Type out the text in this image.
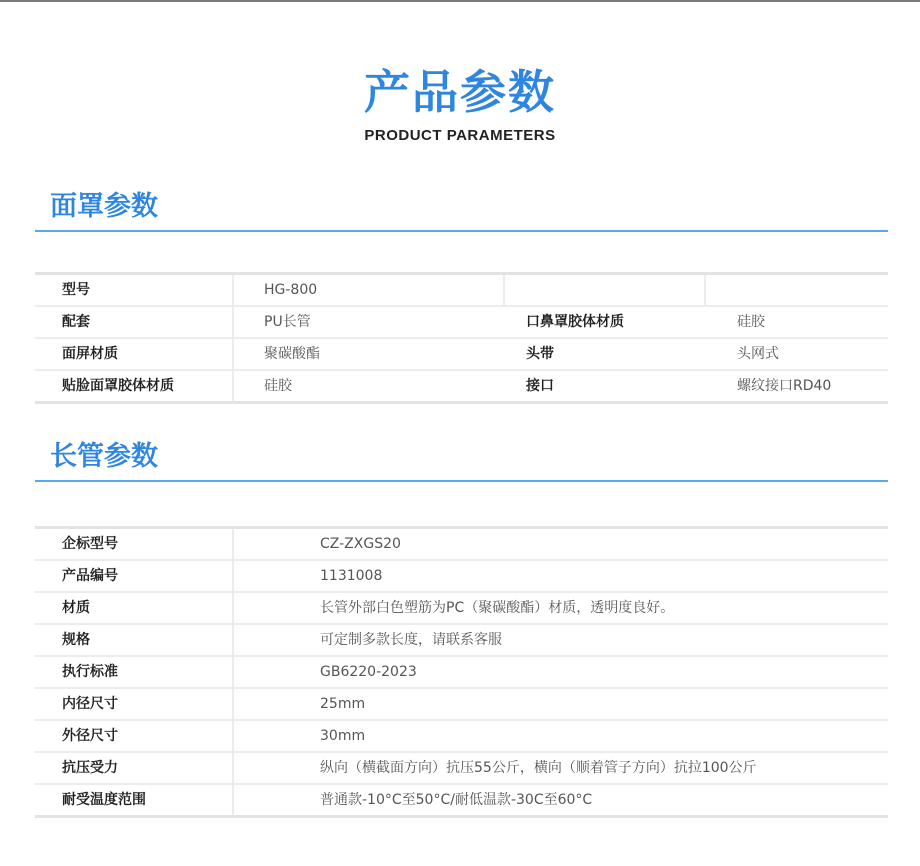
产品参数
PRODUCT PARAMETERS
面罩参数
型号	HG-800		
配套	PU长管	口鼻罩胶体材质	硅胶
面屏材质	聚碳酸酯	头带	头网式
贴脸面罩胶体材质	硅胶	接口	螺纹接口RD40
长管参数
企标型号	CZ-ZXGS20
产品编号	1131008
材质	长管外部白色塑筋为PC（聚碳酸酯）材质，透明度良好。
规格	可定制多款长度，请联系客服
执行标准	GB6220-2023
内径尺寸	25mm
外径尺寸	30mm
抗压受力	纵向（横截面方向）抗压55公斤，横向（顺着管子方向）抗拉100公斤
耐受温度范围	普通款-10°C至50°C/耐低温款-30C至60°C
